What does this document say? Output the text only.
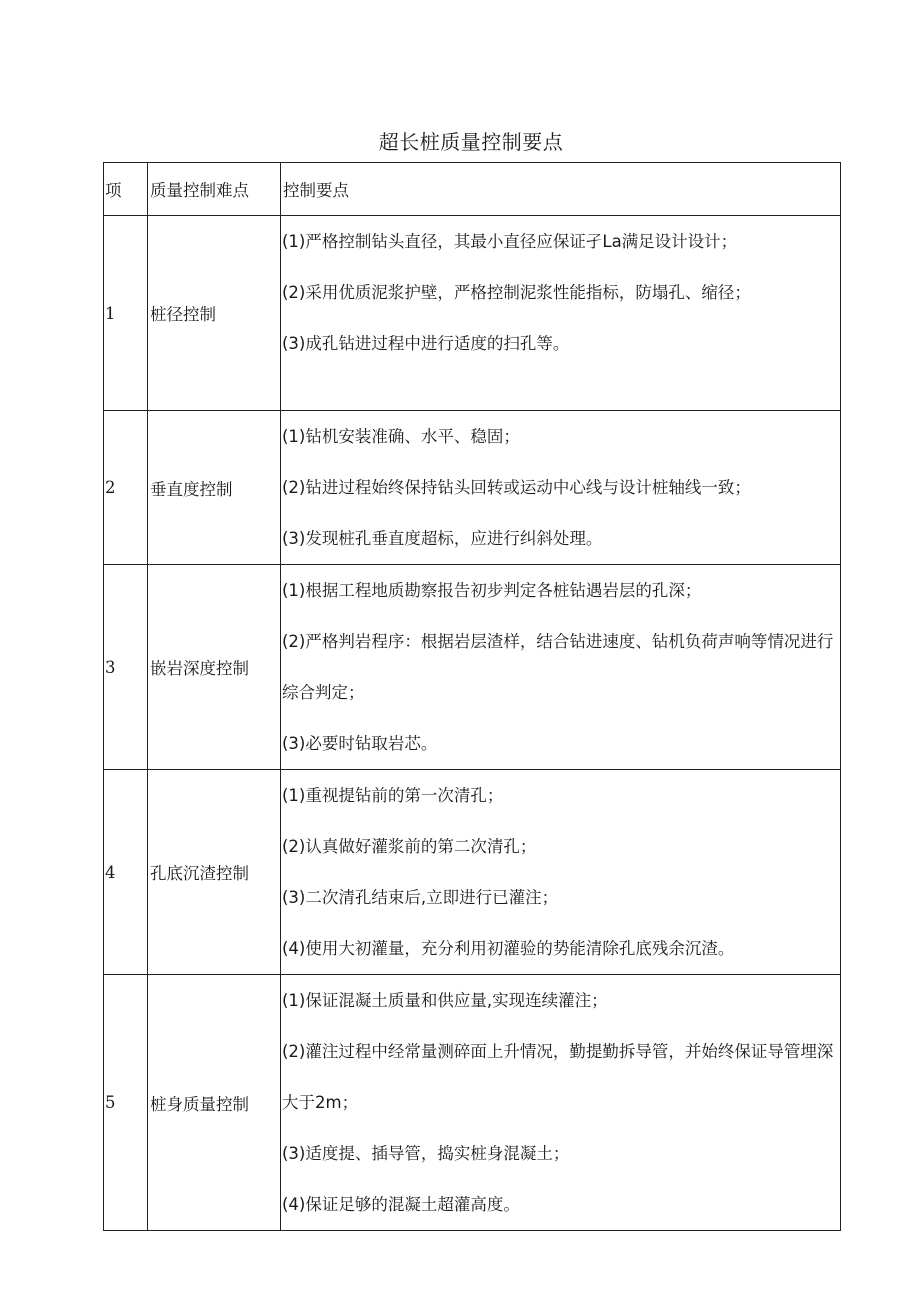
超长桩质量控制要点
项	质量控制难点	控制要点
1	桩径控制	(1)严格控制钻头直径，其最小直径应保证孑La满足设计设计；
(2)采用优质泥浆护壁，严格控制泥浆性能指标，防塌孔、缩径；
(3)成孔钻进过程中进行适度的扫孔等。

2	垂直度控制	(1)钻机安装准确、水平、稳固；
(2)钻进过程始终保持钻头回转或运动中心线与设计桩轴线一致；
(3)发现桩孔垂直度超标，应进行纠斜处理。

3	嵌岩深度控制	(1)根据工程地质勘察报告初步判定各桩钻遇岩层的孔深；
(2)严格判岩程序：根据岩层渣样，结合钻进速度、钻机负荷声响等情况进行综合判定；
(3)必要时钻取岩芯。

4	孔底沉渣控制	(1)重视提钻前的第一次清孔；
(2)认真做好灌浆前的第二次清孔；
(3)二次清孔结束后,立即进行已灌注；
(4)使用大初灌量，充分利用初灌验的势能清除孔底残余沉渣。

5	桩身质量控制	(1)保证混凝土质量和供应量,实现连续灌注；
(2)灌注过程中经常量测碎面上升情况，勤提勤拆导管，并始终保证导管埋深大于2m；
(3)适度提、插导管，捣实桩身混凝土；
(4)保证足够的混凝土超灌高度。
